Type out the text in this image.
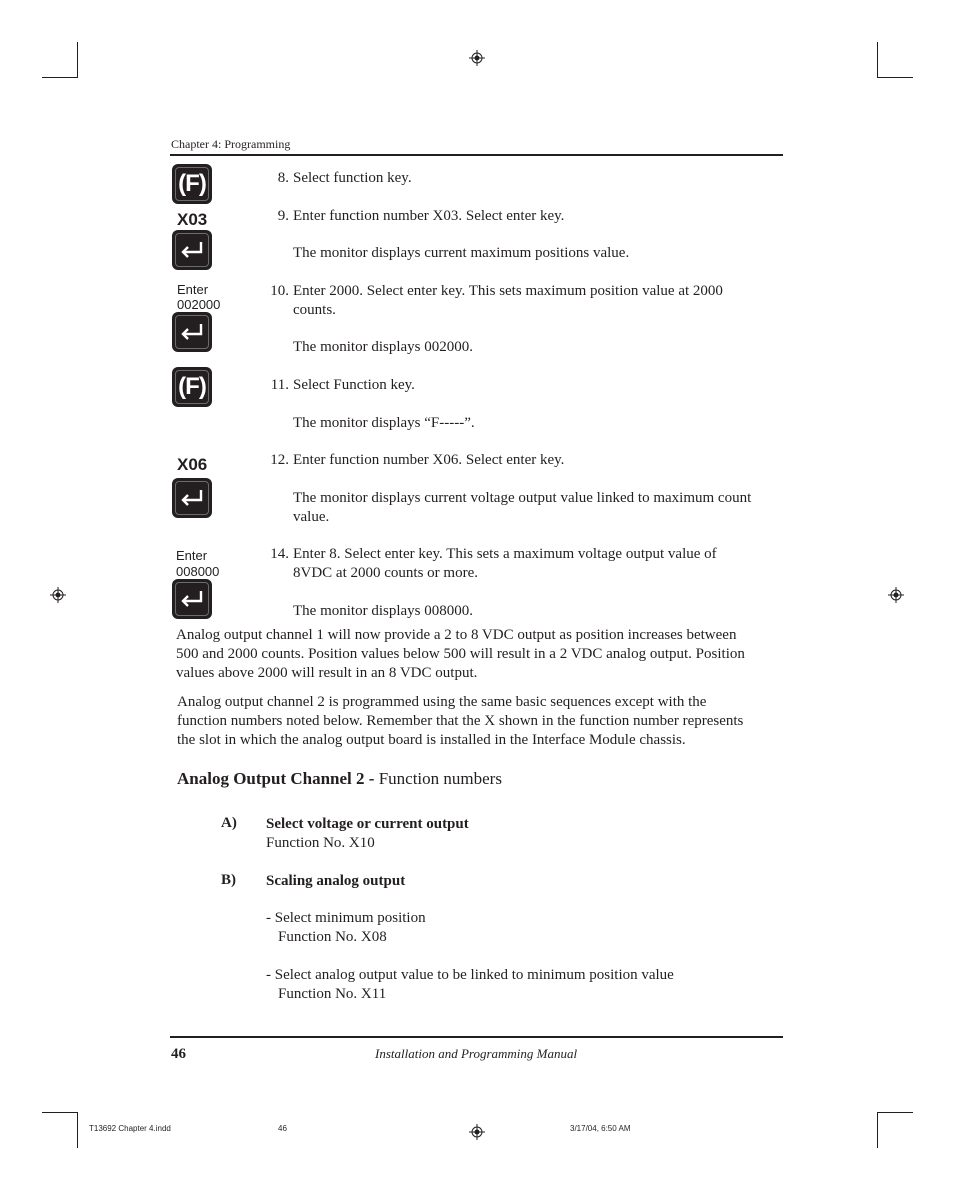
Chapter 4: Programming
(F)
X03
Enter
002000
(F)
X06
Enter
008000
8. Select function key.
9. Enter function number X03. Select enter key.
The monitor displays current maximum positions value.
10. Enter 2000. Select enter key. This sets maximum position value at 2000
counts.
The monitor displays 002000.
11. Select Function key.
The monitor displays “F-----”.
12. Enter function number X06. Select enter key.
The monitor displays current voltage output value linked to maximum count
value.
14. Enter 8. Select enter key. This sets a maximum voltage output value of
8VDC at 2000 counts or more.
The monitor displays 008000.
Analog output channel 1 will now provide a 2 to 8 VDC output as position increases between
500 and 2000 counts. Position values below 500 will result in a 2 VDC analog output. Position
values above 2000 will result in an 8 VDC output.
Analog output channel 2 is programmed using the same basic sequences except with the
function numbers noted below. Remember that the X shown in the function number represents
the slot in which the analog output board is installed in the Interface Module chassis.
Analog Output Channel 2 - Function numbers
A) Select voltage or current output
Function No. X10
B) Scaling analog output
- Select minimum position
Function No. X08
- Select analog output value to be linked to minimum position value
Function No. X11
46	Installation and Programming Manual
T13692 Chapter 4.indd	46	3/17/04, 6:50 AM
